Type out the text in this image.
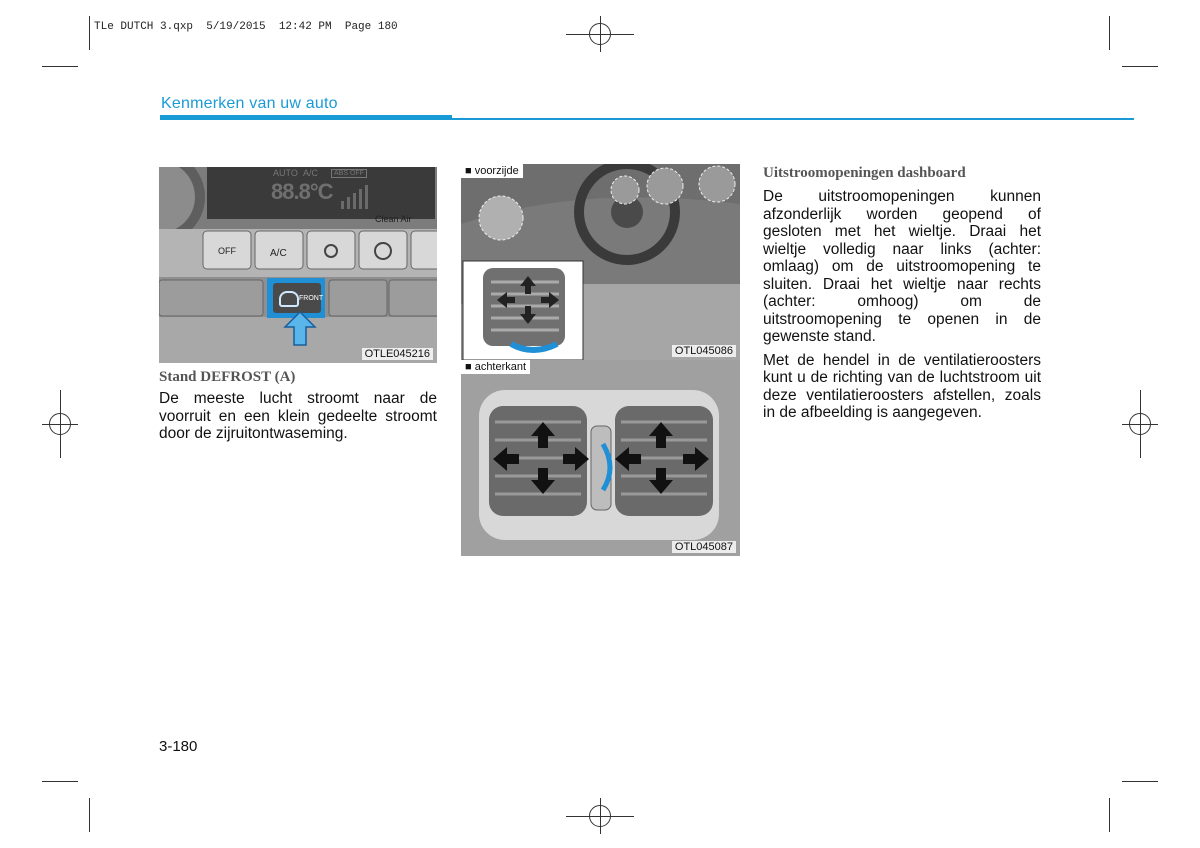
TLe DUTCH 3.qxp  5/19/2015  12:42 PM  Page 180
Kenmerken van uw auto
AUTO A/C	ABS OFF
88.8°C
Clean Air
OFF	A/C
FRONT
OTLE045216
■ voorzijde
OTL045086
■ achterkant
OTL045087
Stand DEFROST (A)

De meeste lucht stroomt naar de voorruit en een klein gedeelte stroomt door de zijruitontwaseming.

Uitstroomopeningen dashboard

De uitstroomopeningen kunnen afzonderlijk worden geopend of gesloten met het wieltje. Draai het wieltje volledig naar links (achter: omlaag) om de uitstroomopening te sluiten. Draai het wieltje naar rechts (achter: omhoog) om de uitstroomopening te openen in de gewenste stand.

Met de hendel in de ventilatieroosters kunt u de richting van de luchtstroom uit deze ventilatieroosters afstellen, zoals in de afbeelding is aangegeven.

3-180
